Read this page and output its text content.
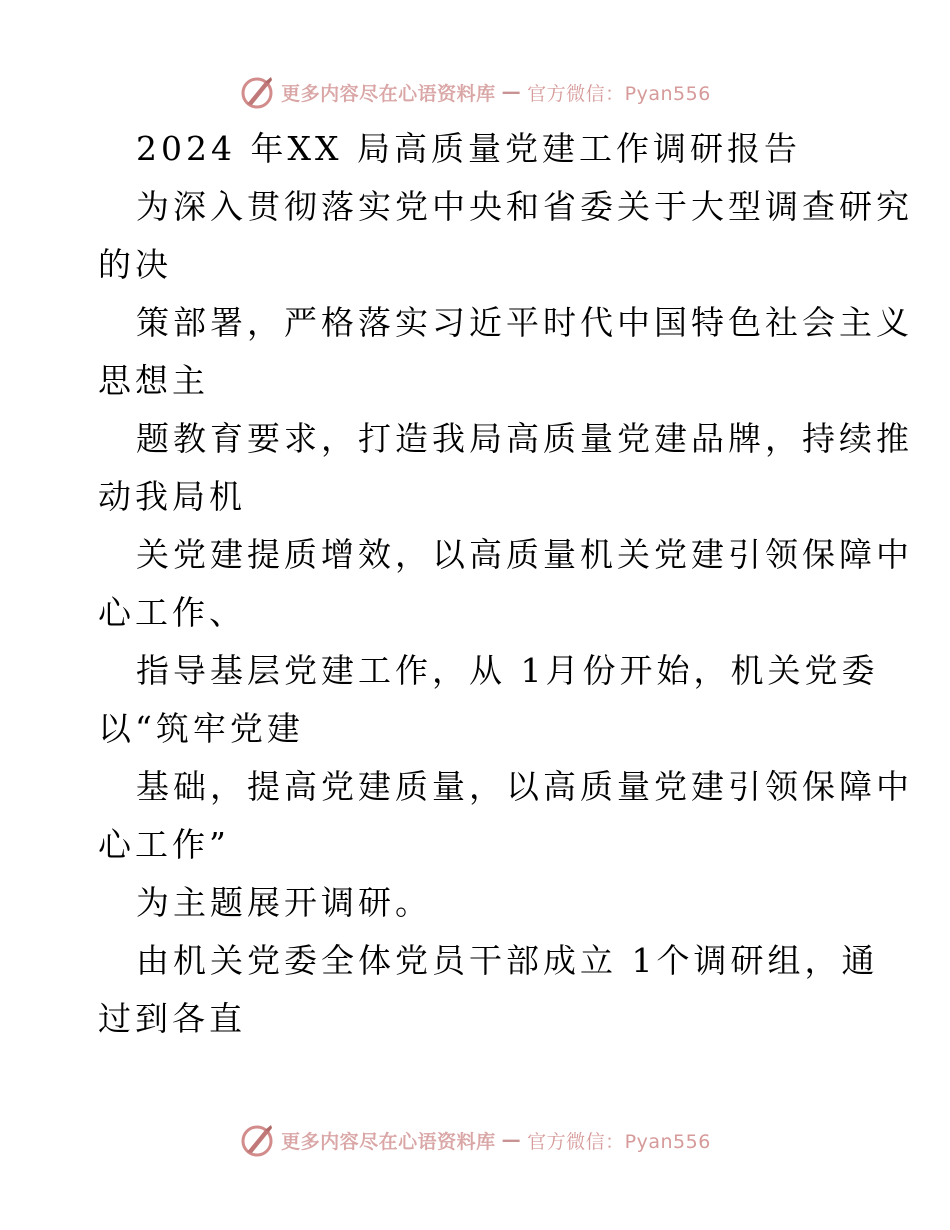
更多内容尽在心语资料库 — 官方微信：Pyan556
2024 年XX 局高质量党建工作调研报告
为深入贯彻落实党中央和省委关于大型调查研究
的决
策部署，严格落实习近平时代中国特色社会主义
思想主
题教育要求，打造我局高质量党建品牌，持续推
动我局机
关党建提质增效，以高质量机关党建引领保障中
心工作、
指导基层党建工作，从 1月份开始，机关党委
以“筑牢党建
基础，提高党建质量，以高质量党建引领保障中
心工作”
为主题展开调研。
由机关党委全体党员干部成立 1个调研组，通
过到各直
更多内容尽在心语资料库 — 官方微信：Pyan556
